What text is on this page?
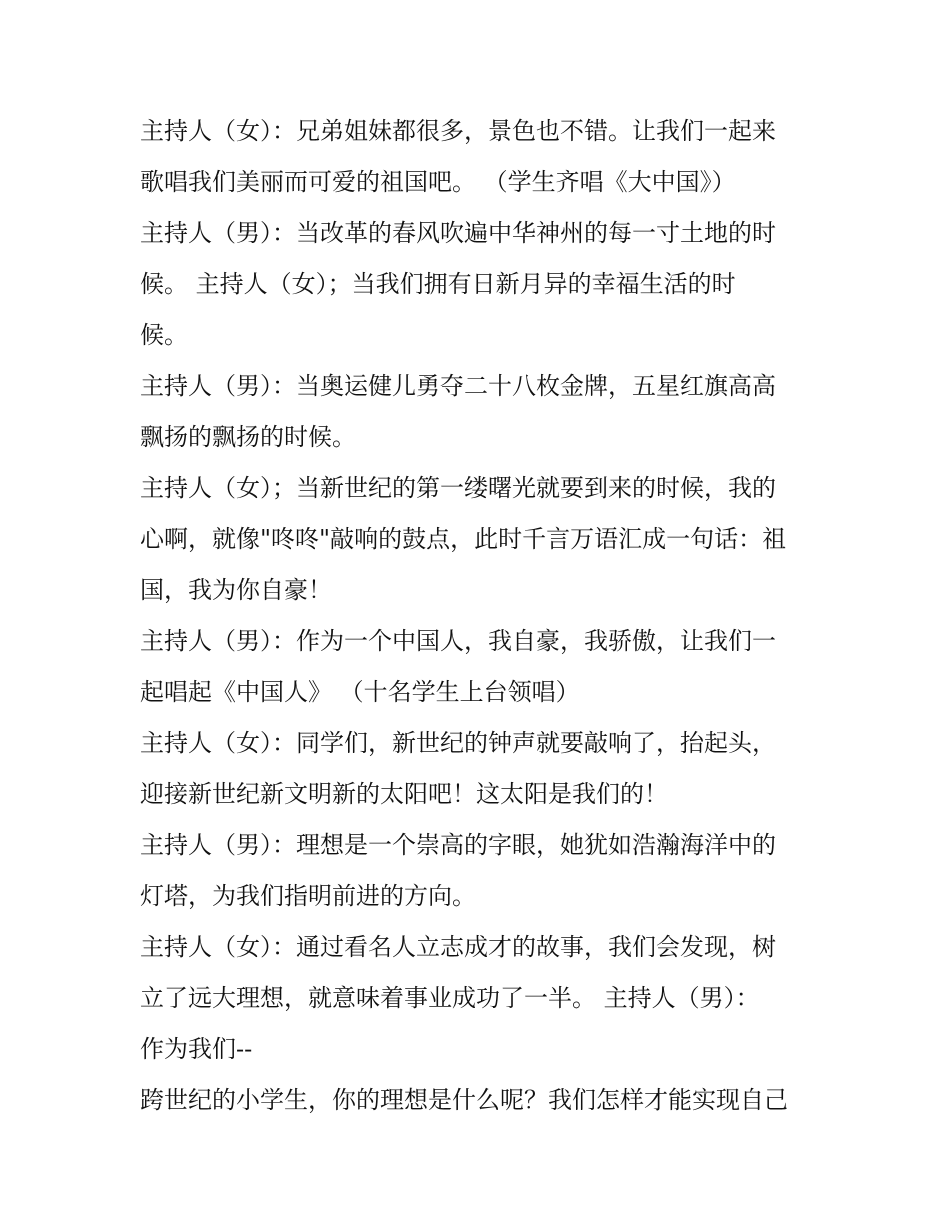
主持人（女）：兄弟姐妹都很多，景色也不错。让我们一起来
歌唱我们美丽而可爱的祖国吧。 （学生齐唱《大中国》）
主持人（男）：当改革的春风吹遍中华神州的每一寸土地的时
候。 主持人（女）；当我们拥有日新月异的幸福生活的时
候。
主持人（男）：当奥运健儿勇夺二十八枚金牌，五星红旗高高
飘扬的飘扬的时候。
主持人（女）；当新世纪的第一缕曙光就要到来的时候，我的
心啊，就像"咚咚"敲响的鼓点，此时千言万语汇成一句话：祖
国，我为你自豪！
主持人（男）：作为一个中国人，我自豪，我骄傲，让我们一
起唱起《中国人》 （十名学生上台领唱）
主持人（女）：同学们，新世纪的钟声就要敲响了，抬起头，
迎接新世纪新文明新的太阳吧！这太阳是我们的！
主持人（男）：理想是一个崇高的字眼，她犹如浩瀚海洋中的
灯塔，为我们指明前进的方向。
主持人（女）：通过看名人立志成才的故事，我们会发现，树
立了远大理想，就意味着事业成功了一半。 主持人（男）：
作为我们--
跨世纪的小学生，你的理想是什么呢？我们怎样才能实现自己
